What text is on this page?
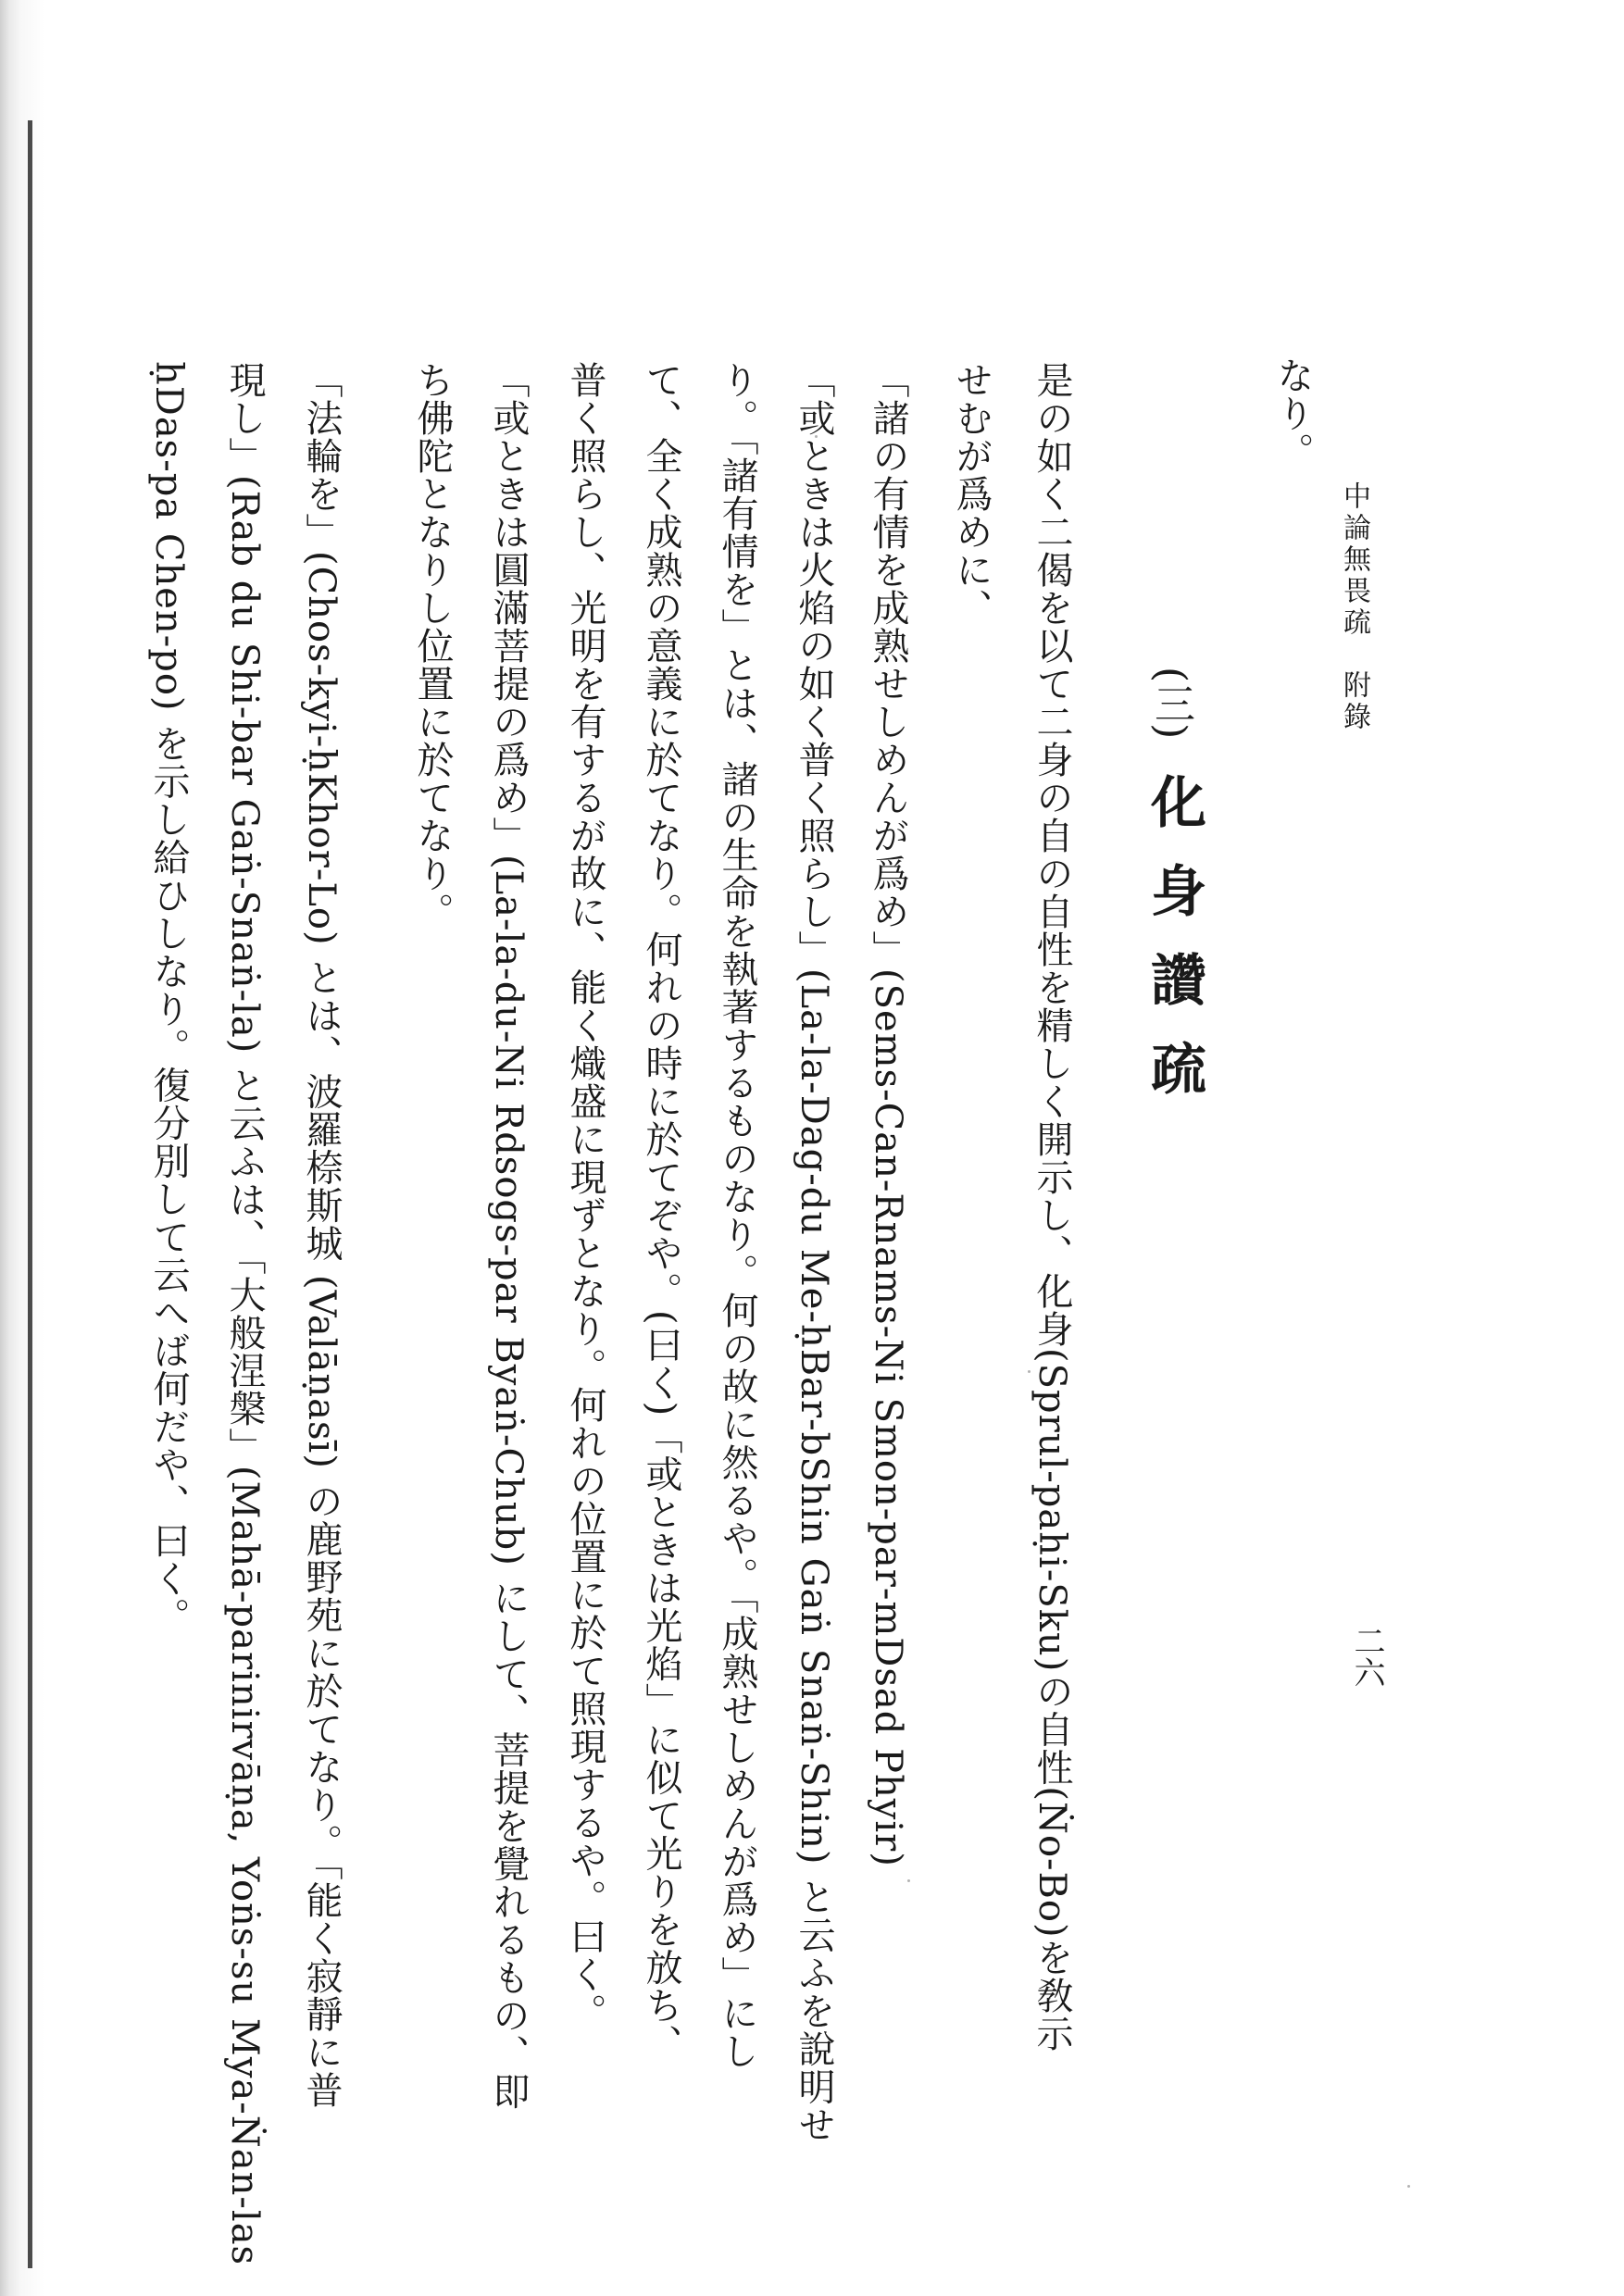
中論無畏疏　附錄
二六
(三)
化身讚疏
なり。
是の如く二偈を以て二身の自の自性を精しく開示し、化身(Sprul-paḥi-Sku)の自性(Ṅo-Bo)を敎示
せむが爲めに、
「諸の有情を成熟せしめんが爲め」(Sems-Can-Rnams-Ni Smon-par-mDsad Phyir)
「或ときは火焰の如く普く照らし」(La-la-Dag-du Me-ḥBar-bShin Gaṅ Snaṅ-Shin) と云ふを說明せ
り。「諸有情を」とは、諸の生命を執著するものなり。何の故に然るや。「成熟せしめんが爲め」にし
て、全く成熟の意義に於てなり。何れの時に於てぞや。(曰く)「或ときは光焰」に似て光りを放ち、
普く照らし、光明を有するが故に、能く熾盛に現ずとなり。何れの位置に於て照現するや。曰く。
「或ときは圓滿菩提の爲め」(La-la-du-Ni Rdsogs-par Byaṅ-Chub) にして、菩提を覺れるもの、即
ち佛陀となりし位置に於てなり。
「法輪を」(Chos-kyi-ḥKhor-Lo) とは、波羅㮈斯城 (Valāṇasī) の鹿野苑に於てなり。「能く寂靜に普
現し」(Rab du Shi-bar Gaṅ-Snaṅ-la) と云ふは、「大般涅槃」(Mahā-parinirvāṇa, Yoṅs-su Mya-Ṅan-las
ḥDas-pa Chen-po) を示し給ひしなり。復分別して云へば何だや、曰く。
